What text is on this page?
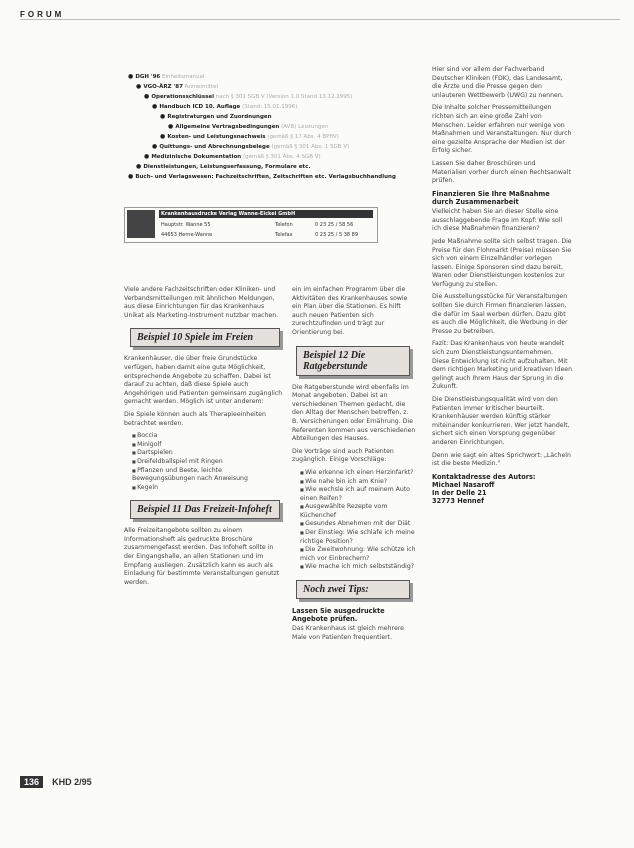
FORUM
● DGH '96 Einheitsmanual
● VGO-ÄRZ '87 Arzneimittel
● Operationsschlüssel nach § 301 SGB V (Version 1.0 Stand 13.12.1995)
● Handbuch ICD 10. Auflage (Stand: 15.01.1996)
● Registraturgen und Zuordnungen
● Allgemeine Vertragsbedingungen (AVB) Leistungen
● Kosten- und Leistungsnachweis (gemäß § 17 Abs. 4 BPflV)
● Quittungs- und Abrechnungsbelege (gemäß § 301 Abs. 1 SGB V)
● Medizinische Dokumentation (gemäß § 301 Abs. 4 SGB V)
● Dienstleistungen, Leistungserfassung, Formulare etc.
● Buch- und Verlagswesen: Fachzeitschriften, Zeitschriften etc. Verlagsbuchhandlung
Krankenhausdrucke Verlag Wanne-Eickel GmbH
Hauptstr. Wanne 55
44653 Herne-Wanne
Telefon	0 23 25 / 58 56
Telefax	0 23 25 / 5 38 89

Viele andere Fachzeitschriften oder Kliniken- und Verbandsmitteilungen mit ähnlichen Meldungen, aus diese Einrichtungen für das Krankenhaus Unikat als Marketing-Instrument nutzbar machen.

Beispiel 10 Spiele im Freien

Krankenhäuser, die über freie Grundstücke verfügen, haben damit eine gute Möglichkeit, entsprechende Angebote zu schaffen. Dabei ist darauf zu achten, daß diese Spiele auch Angehörigen und Patienten gemeinsam zugänglich gemacht werden. Möglich ist unter anderem:

Die Spiele können auch als Therapieeinheiten betrachtet werden.

■ Boccia
■ Minigolf
■ Dartspielen
■ Dreifeldballspiel mit Ringen
■ Pflanzen und Beete, leichte Bewegungsübungen nach Anweisung
■ Kegeln
Beispiel 11 Das Freizeit-Infoheft

Alle Freizeitangebote sollten zu einem Informationsheft als gedruckte Broschüre zusammengefasst werden. Das Infoheft sollte in der Eingangshalle, an allen Stationen und im Empfang ausliegen. Zusätzlich kann es auch als Einladung für bestimmte Veranstaltungen genutzt werden.

ein im einfachen Programm über die Aktivitäten des Krankenhauses sowie ein Plan über die Stationen. Es hilft auch neuen Patienten sich zurechtzufinden und trägt zur Orientierung bei.

Beispiel 12 Die Ratgeberstunde

Die Ratgeberstunde wird ebenfalls im Monat angeboten. Dabei ist an verschiedenen Themen gedacht, die den Alltag der Menschen betreffen, z. B. Versicherungen oder Ernährung. Die Referenten kommen aus verschiedenen Abteilungen des Hauses.

Die Vorträge sind auch Patienten zugänglich. Einige Vorschläge:

■ Wie erkenne ich einen Herzinfarkt?
■ Wie nahe bin ich am Knie?
■ Wie wechsle ich auf meinem Auto einen Reifen?
■ Ausgewählte Rezepte vom Küchenchef
■ Gesundes Abnehmen mit der Diät
■ Der Einstieg: Wie schlafe ich meine richtige Position?
■ Die Zweitwohnung: Wie schütze ich mich vor Einbrechern?
■ Wie mache ich mich selbstständig?
Noch zwei Tips:
Lassen Sie ausgedruckte Angebote prüfen.

Das Krankenhaus ist gleich mehrere Male von Patienten frequentiert.

Hier sind vor allem der Fachverband Deutscher Kliniken (FDK), das Landesamt, die Ärzte und die Presse gegen den unlauteren Wettbewerb (UWG) zu nennen.

Die Inhalte solcher Pressemitteilungen richten sich an eine große Zahl von Menschen. Leider erfahren nur wenige von Maßnahmen und Veranstaltungen. Nur durch eine gezielte Ansprache der Medien ist der Erfolg sicher.

Lassen Sie daher Broschüren und Materialien vorher durch einen Rechtsanwalt prüfen.

Finanzieren Sie Ihre Maßnahme durch Zusammenarbeit

Vielleicht haben Sie an dieser Stelle eine ausschlaggebende Frage im Kopf: Wie soll ich diese Maßnahmen finanzieren?

Jede Maßnahme sollte sich selbst tragen. Die Preise für den Flohmarkt (Preise) müssen Sie sich von einem Einzelhändler vorlegen lassen. Einige Sponsoren sind dazu bereit, Waren oder Dienstleistungen kostenlos zur Verfügung zu stellen.

Die Ausstellungsstücke für Veranstaltungen sollten Sie durch Firmen finanzieren lassen, die dafür im Saal werben dürfen. Dazu gibt es auch die Möglichkeit, die Werbung in der Presse zu betreiben.

Fazit: Das Krankenhaus von heute wandelt sich zum Dienstleistungsunternehmen. Diese Entwicklung ist nicht aufzuhalten. Mit dem richtigen Marketing und kreativen Ideen gelingt auch Ihrem Haus der Sprung in die Zukunft.

Die Dienstleistungsqualität wird von den Patienten immer kritischer beurteilt. Krankenhäuser werden künftig stärker miteinander konkurrieren. Wer jetzt handelt, sichert sich einen Vorsprung gegenüber anderen Einrichtungen.

Denn wie sagt ein altes Sprichwort: „Lächeln ist die beste Medizin."

Kontaktadresse des Autors:
Michael Nasaroff
In der Delle 21
32773 Hennef
136 KHD 2/95
